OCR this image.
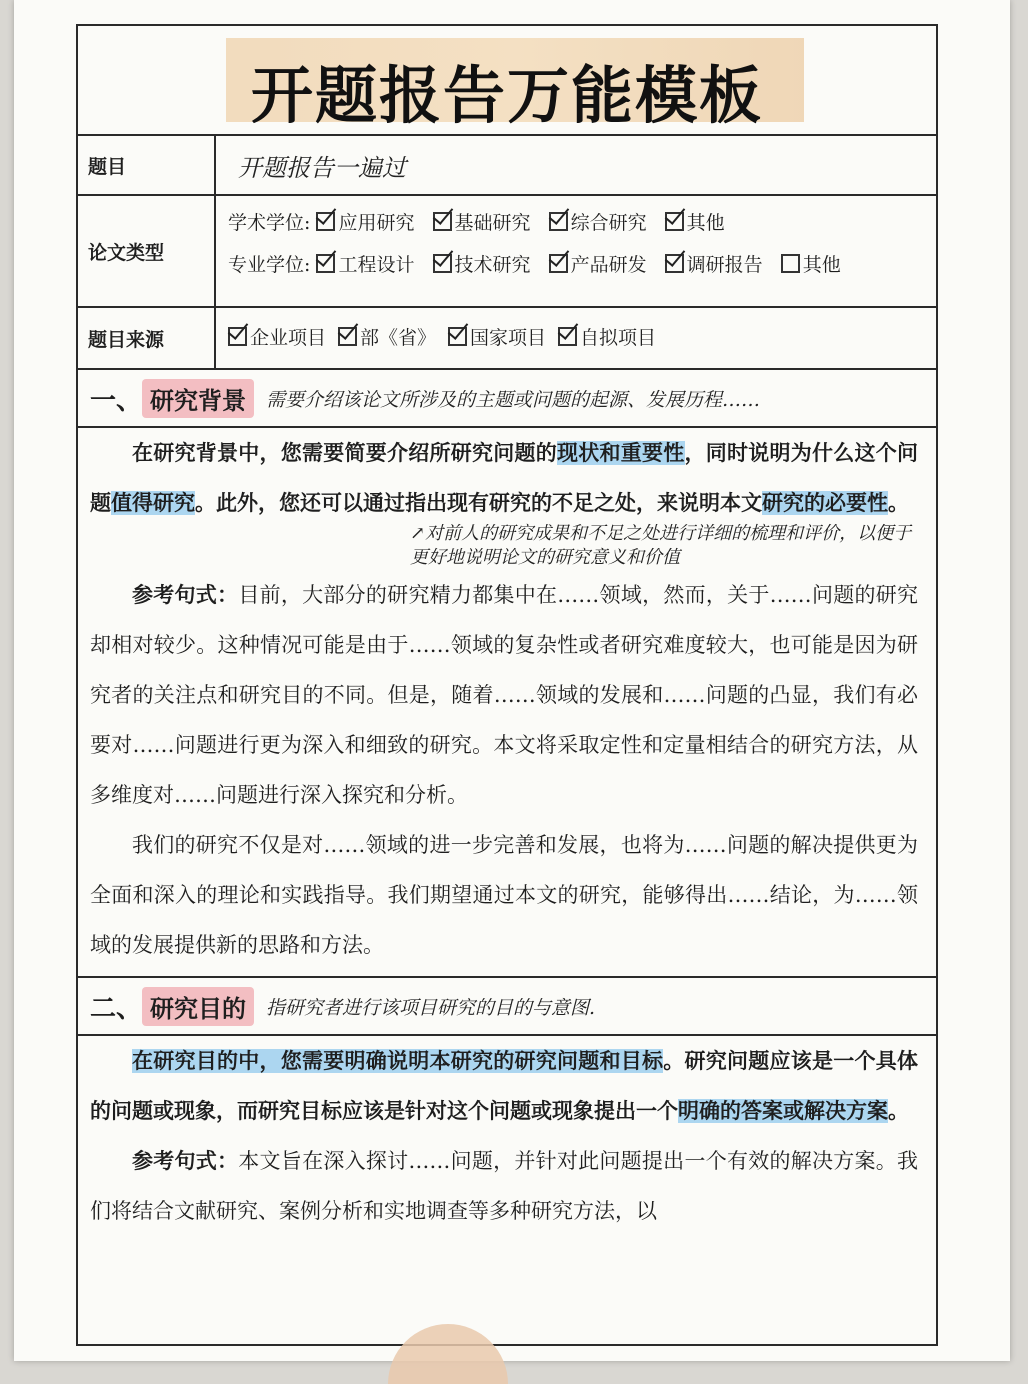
开题报告万能模板
题目	开题报告一遍过
论文类型
学术学位: 应用研究 基础研究 综合研究 其他
专业学位: 工程设计 技术研究 产品研发 调研报告 其他
题目来源	企业项目	部《省》	国家项目	自拟项目
一、 研究背景	需要介绍该论文所涉及的主题或问题的起源、发展历程……

在研究背景中，您需要简要介绍所研究问题的现状和重要性，同时说明为什么这个问题值得研究。此外，您还可以通过指出现有研究的不足之处，来说明本文研究的必要性。

↗对前人的研究成果和不足之处进行详细的梳理和评价，以便于更好地说明论文的研究意义和价值

参考句式：目前，大部分的研究精力都集中在……领域，然而，关于……问题的研究却相对较少。这种情况可能是由于……领域的复杂性或者研究难度较大，也可能是因为研究者的关注点和研究目的不同。但是，随着……领域的发展和……问题的凸显，我们有必要对……问题进行更为深入和细致的研究。本文将采取定性和定量相结合的研究方法，从多维度对……问题进行深入探究和分析。

我们的研究不仅是对……领域的进一步完善和发展，也将为……问题的解决提供更为全面和深入的理论和实践指导。我们期望通过本文的研究，能够得出……结论，为……领域的发展提供新的思路和方法。

二、 研究目的	指研究者进行该项目研究的目的与意图.

在研究目的中，您需要明确说明本研究的研究问题和目标。研究问题应该是一个具体的问题或现象，而研究目标应该是针对这个问题或现象提出一个明确的答案或解决方案。

参考句式：本文旨在深入探讨……问题，并针对此问题提出一个有效的解决方案。我们将结合文献研究、案例分析和实地调查等多种研究方法，以
